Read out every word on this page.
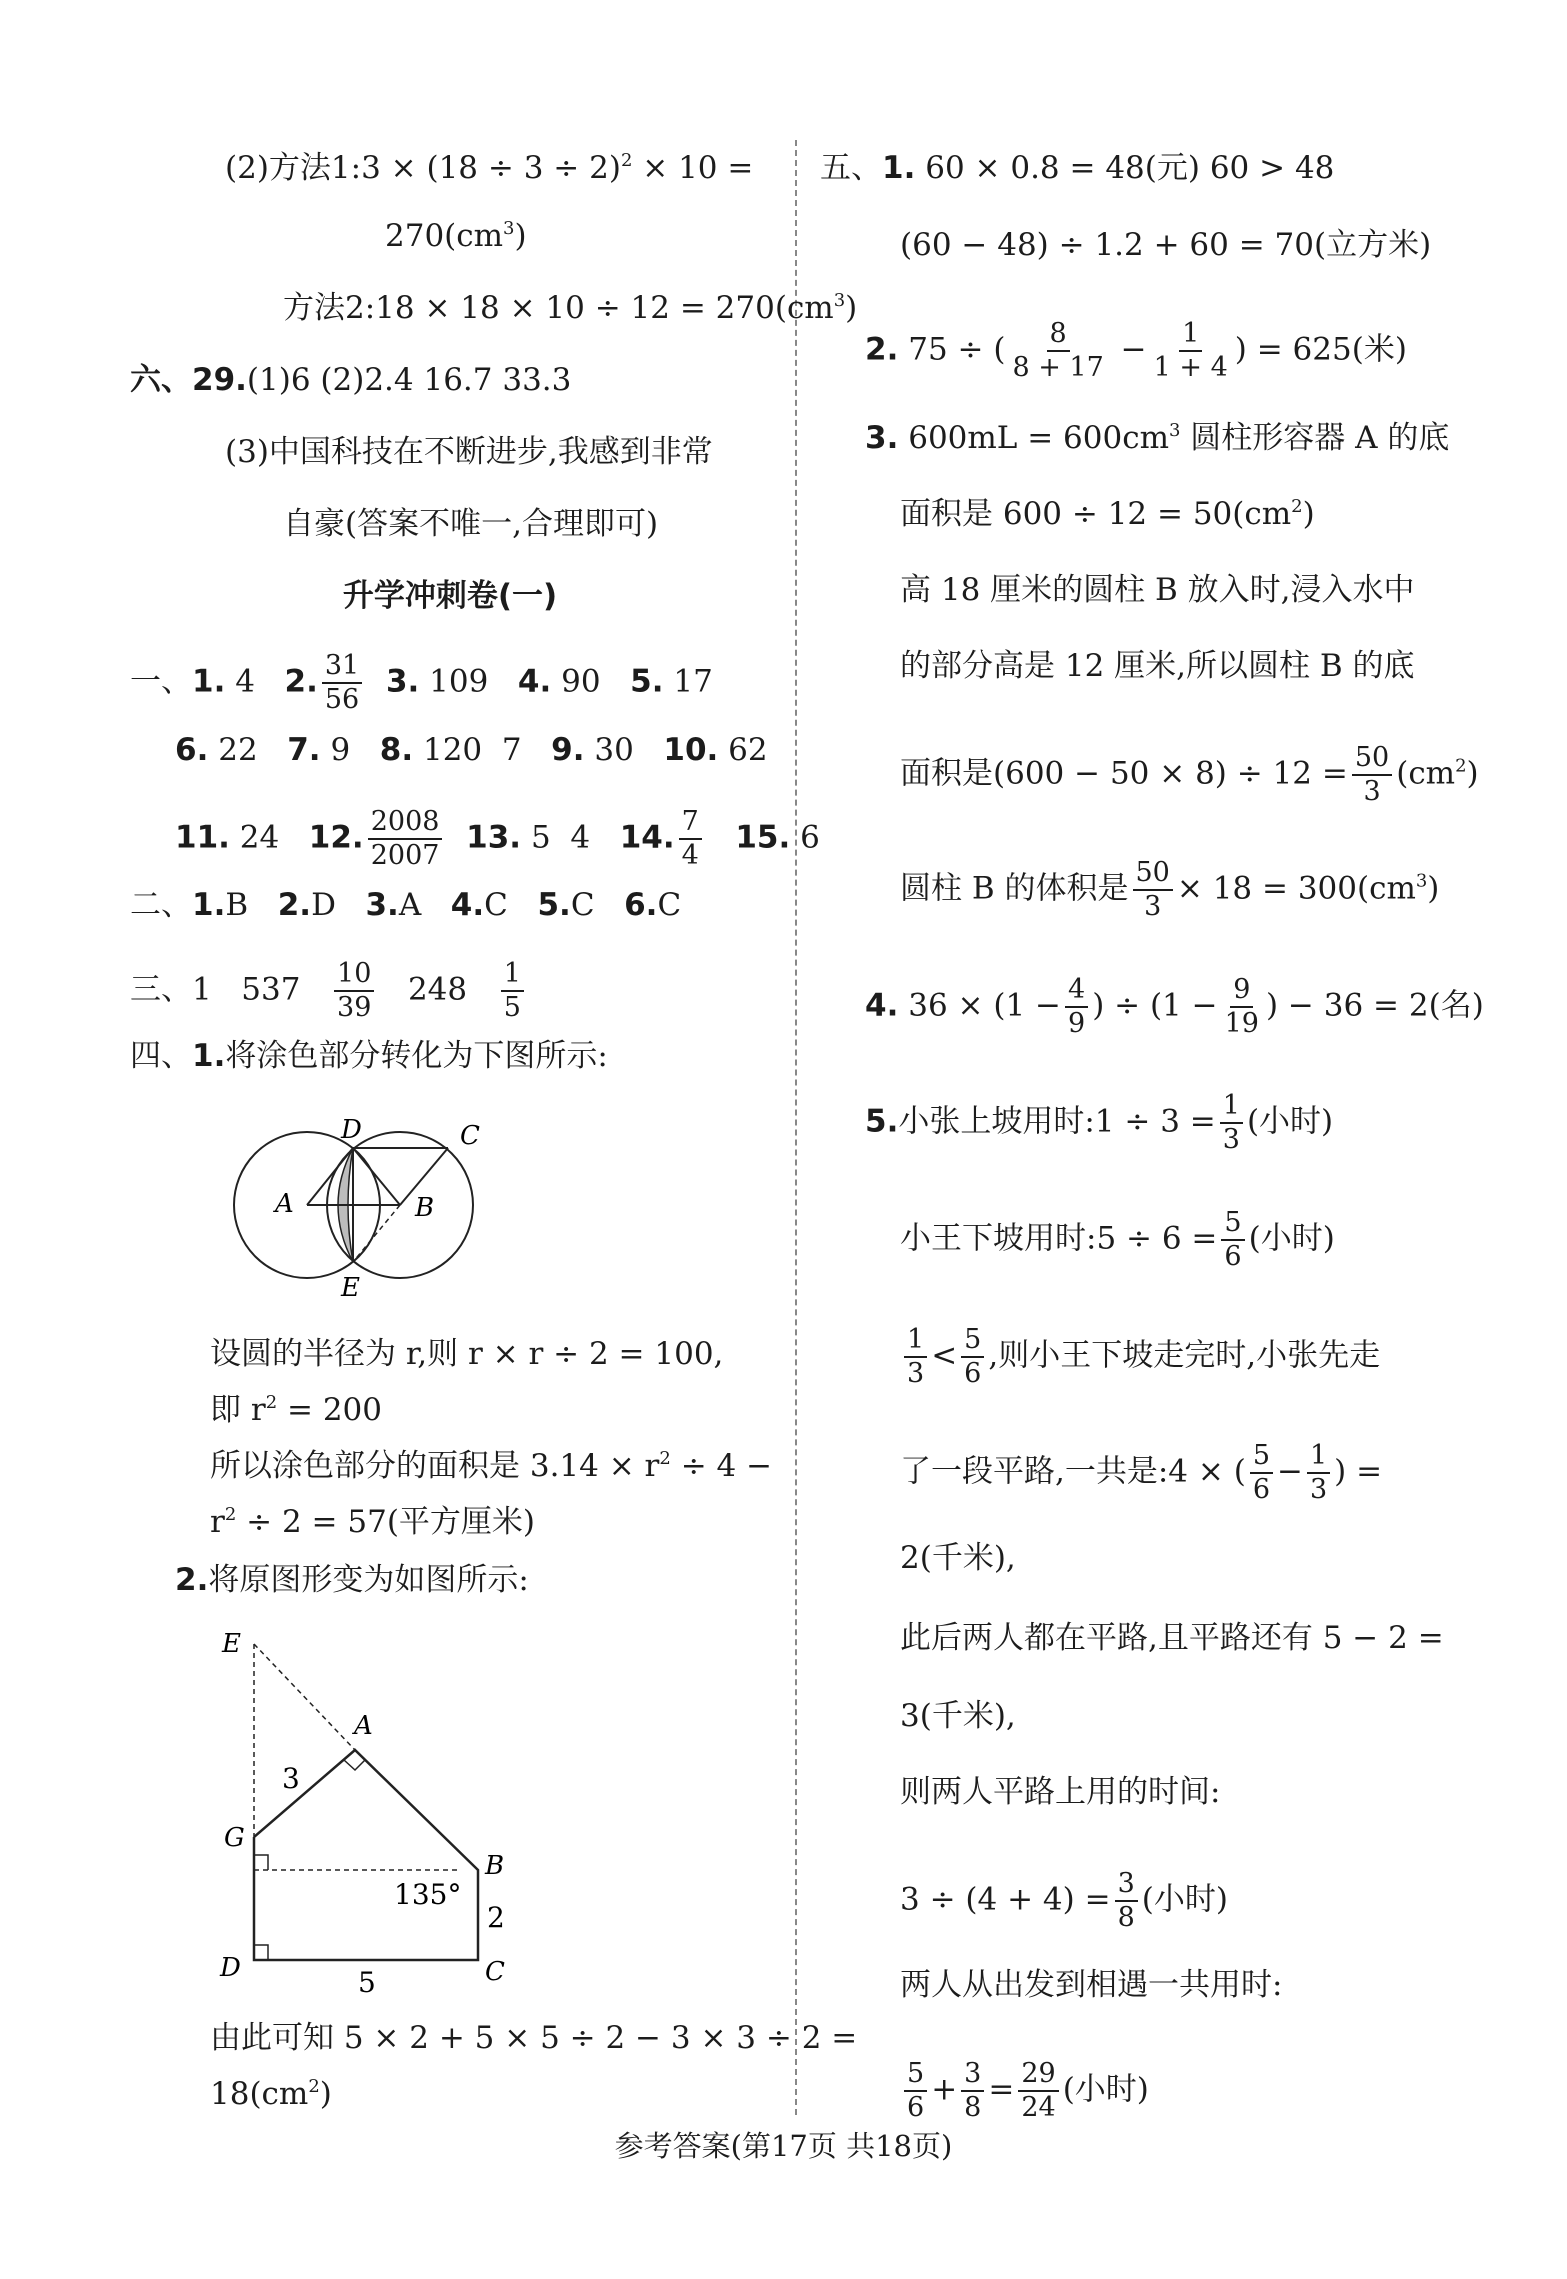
(2)方法1:3 × $(18 \div 3 \div 2)^2 \times 10$ =
$270(cm^3)$
方法2:18 × $18 \times 10 \div 12 = 270(cm^3)$
六、29.(1)6 (2)2.4 16.7 33.3
(3)中国科技在不断进步,我感到非常
自豪(答案不唯一,合理即可)
升学冲刺卷(一)
一、1. 4 2. $\frac{31}{56} 3$. 109 4. 90 5. 17
6. 22 7. 9 8. 120 7 9. 30 10. 62
11. 24 12. $\frac{2008}{2007} 13$. 5 4 14. $\frac{7}{4} 15$. 6
二、1.B 2.D 3.A 4.C 5.C 6.C
三、1 $537 \frac{10}{39} 248 \frac{1}{5}$
四、1.将涂色部分转化为下图所示:
D	C
A	B
E
设圆的半径为 r,则 r × r ÷ 2 = 100,
即 $r^2 = 200$
所以涂色部分的面积是 $3.14 \times r^2 \div 4$ −
$r^2 \div 2 = 57$(平方厘米)
2.将原图形变为如图所示:
E
A
G
B
D	C
3
135°
2
5
由此可知 5 × 2 + 5 × 5 ÷ 2 − 3 × 3 ÷ 2 =
$18(cm^2)$
五、1. 60 × 0.8 = 48(元) 60 > 48
(60 − 48) ÷ 1.2 + 60 = 70(立方米)
2. 75 ÷ ( $\frac{8}{8 + 17} - \frac{1}{1 + 4}$ ) = 625(米)
3. $600mL = 600cm^3$ 圆柱形容器 A 的底
面积是 $600 \div 12 = 50(cm^2)$
高 18 厘米的圆柱 B 放入时,浸入水中
的部分高是 12 厘米,所以圆柱 B 的底
面积是$(600 - 50 \times 8) \div 12 = \frac{50}{3} (cm^2)$
圆柱 B 的体积是 $\frac{50}{3} \times 18 = 300(cm^3)$
4. $36 \times (1 - \frac{4}{9}$ ) ÷ ($1 - \frac{9}{19}$ ) − 36 = 2(名)
5.小张上坡用时:1 ÷ $3 = \frac{1}{3}$ (小时)
小王下坡用时:5 ÷ $6 = \frac{5}{6}$ (小时)
$\frac{1}{3} < \frac{5}{6}$ ,则小王下坡走完时,小张先走
了一段平路,一共是:4 × ( $\frac{5}{6} - \frac{1}{3}$ ) =
2(千米),
此后两人都在平路,且平路还有 5 − 2 =
3(千米),
则两人平路上用的时间:
$3 \div (4 + 4) = \frac{3}{8}$ (小时)
两人从出发到相遇一共用时:
$\frac{5}{6} + \frac{3}{8} = \frac{29}{24}$ (小时)
参考答案(第17页 共18页)
